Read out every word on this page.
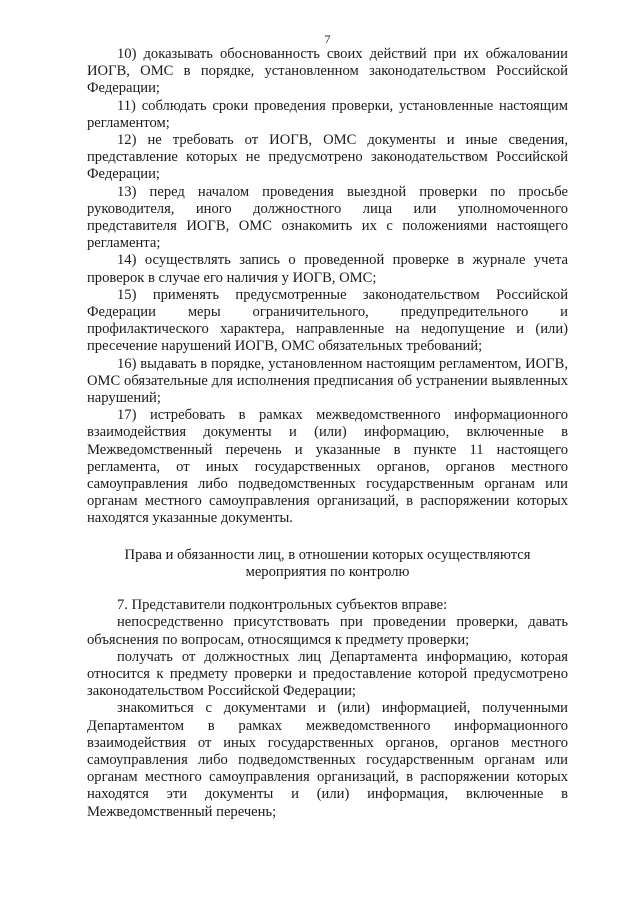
7

10) доказывать обоснованность своих действий при их обжаловании ИОГВ, ОМС в порядке, установленном законодательством Российской Федерации;

11) соблюдать сроки проведения проверки, установленные настоящим регламентом;

12) не требовать от ИОГВ, ОМС документы и иные сведения, представление которых не предусмотрено законодательством Российской Федерации;

13) перед началом проведения выездной проверки по просьбе руководителя, иного должностного лица или уполномоченного представителя ИОГВ, ОМС ознакомить их с положениями настоящего регламента;

14) осуществлять запись о проведенной проверке в журнале учета проверок в случае его наличия у ИОГВ, ОМС;

15) применять предусмотренные законодательством Российской Федерации меры ограничительного, предупредительного и профилактического характера, направленные на недопущение и (или) пресечение нарушений ИОГВ, ОМС обязательных требований;

16) выдавать в порядке, установленном настоящим регламентом, ИОГВ, ОМС обязательные для исполнения предписания об устранении выявленных нарушений;

17) истребовать в рамках межведомственного информационного взаимодействия документы и (или) информацию, включенные в Межведомственный перечень и указанные в пункте 11 настоящего регламента, от иных государственных органов, органов местного самоуправления либо подведомственных государственным органам или органам местного самоуправления организаций, в распоряжении которых находятся указанные документы.

Права и обязанности лиц, в отношении которых осуществляются
мероприятия по контролю

7. Представители подконтрольных субъектов вправе:

непосредственно присутствовать при проведении проверки, давать объяснения по вопросам, относящимся к предмету проверки;

получать от должностных лиц Департамента информацию, которая относится к предмету проверки и предоставление которой предусмотрено законодательством Российской Федерации;

знакомиться с документами и (или) информацией, полученными Департаментом в рамках межведомственного информационного взаимодействия от иных государственных органов, органов местного самоуправления либо подведомственных государственным органам или органам местного самоуправления организаций, в распоряжении которых находятся эти документы и (или) информация, включенные в Межведомственный перечень;
